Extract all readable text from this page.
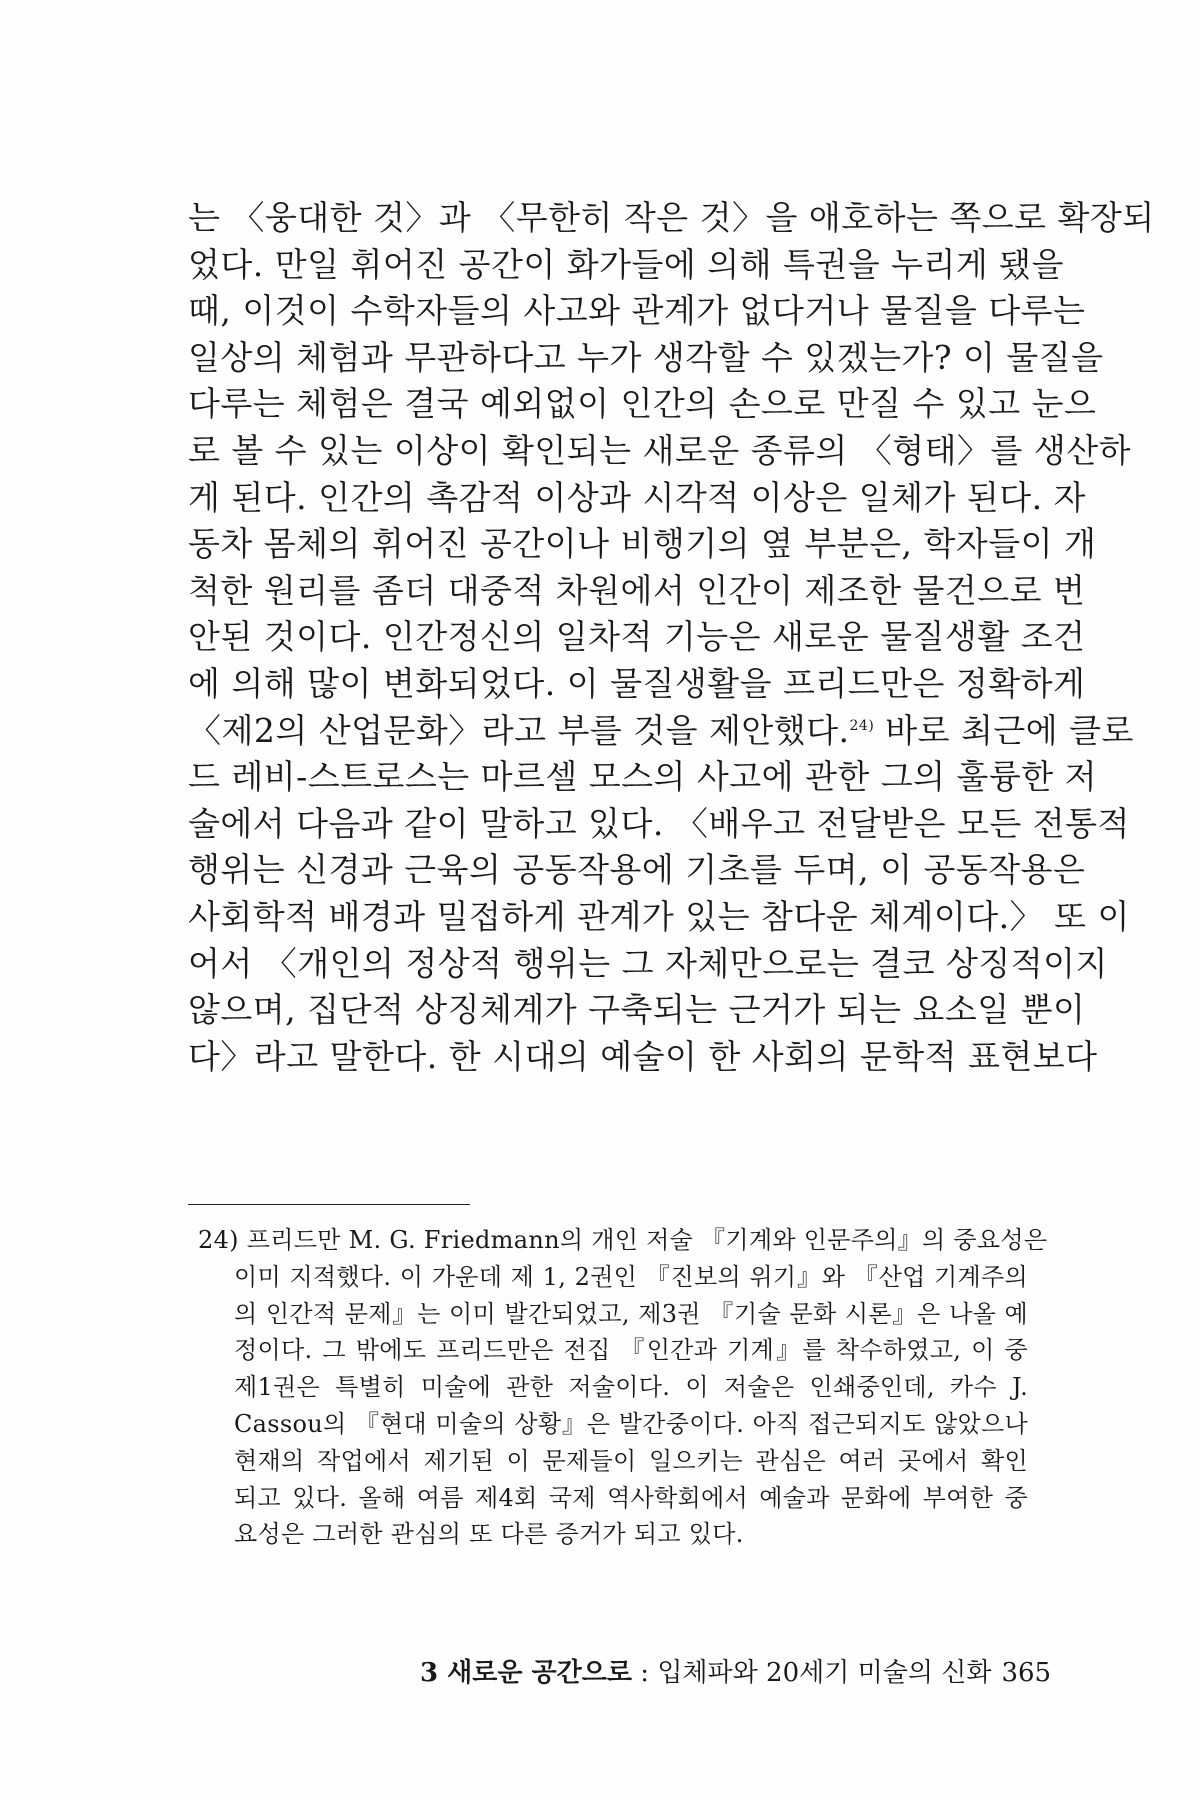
는 〈웅대한 것〉과 〈무한히 작은 것〉을 애호하는 쪽으로 확장되
었다. 만일 휘어진 공간이 화가들에 의해 특권을 누리게 됐을
때, 이것이 수학자들의 사고와 관계가 없다거나 물질을 다루는
일상의 체험과 무관하다고 누가 생각할 수 있겠는가? 이 물질을
다루는 체험은 결국 예외없이 인간의 손으로 만질 수 있고 눈으
로 볼 수 있는 이상이 확인되는 새로운 종류의 〈형태〉를 생산하
게 된다. 인간의 촉감적 이상과 시각적 이상은 일체가 된다. 자
동차 몸체의 휘어진 공간이나 비행기의 옆 부분은, 학자들이 개
척한 원리를 좀더 대중적 차원에서 인간이 제조한 물건으로 번
안된 것이다. 인간정신의 일차적 기능은 새로운 물질생활 조건
에 의해 많이 변화되었다. 이 물질생활을 프리드만은 정확하게
〈제2의 산업문화〉라고 부를 것을 제안했다.$^{24)}$ 바로 최근에 클로
드 레비-스트로스는 마르셀 모스의 사고에 관한 그의 훌륭한 저
술에서 다음과 같이 말하고 있다. 〈배우고 전달받은 모든 전통적
행위는 신경과 근육의 공동작용에 기초를 두며, 이 공동작용은
사회학적 배경과 밀접하게 관계가 있는 참다운 체계이다.〉 또 이
어서 〈개인의 정상적 행위는 그 자체만으로는 결코 상징적이지
않으며, 집단적 상징체계가 구축되는 근거가 되는 요소일 뿐이
다〉라고 말한다. 한 시대의 예술이 한 사회의 문학적 표현보다
24) 프리드만 M. G. Friedmann의 개인 저술 『기계와 인문주의』의 중요성은
이미 지적했다. 이 가운데 제 1, 2권인 『진보의 위기』와 『산업 기계주의
의 인간적 문제』는 이미 발간되었고, 제3권 『기술 문화 시론』은 나올 예
정이다. 그 밖에도 프리드만은 전집 『인간과 기계』를 착수하였고, 이 중
제1권은 특별히 미술에 관한 저술이다. 이 저술은 인쇄중인데, 카수 J.
Cassou의 『현대 미술의 상황』은 발간중이다. 아직 접근되지도 않았으나
현재의 작업에서 제기된 이 문제들이 일으키는 관심은 여러 곳에서 확인
되고 있다. 올해 여름 제4회 국제 역사학회에서 예술과 문화에 부여한 중
요성은 그러한 관심의 또 다른 증거가 되고 있다.
3 새로운 공간으로 : 입체파와 20세기 미술의 신화 365
